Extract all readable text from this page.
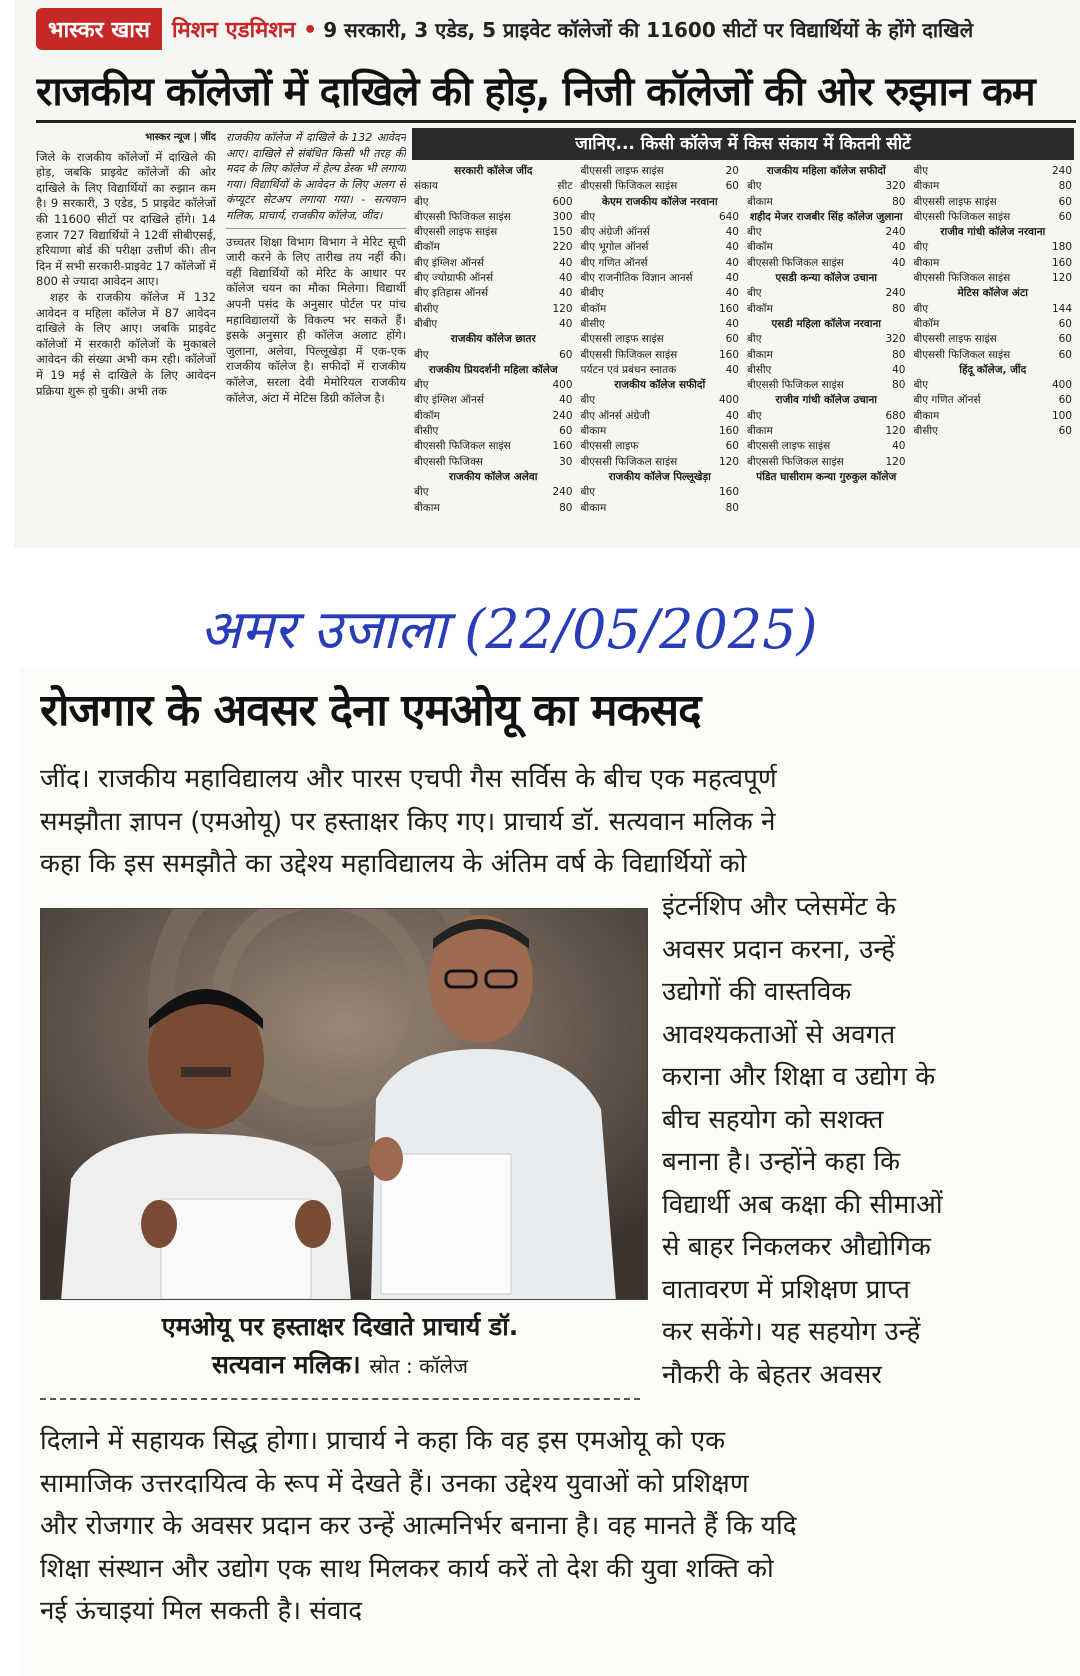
भास्कर खास	मिशन एडमिशन • 9 सरकारी, 3 एडेड, 5 प्राइवेट कॉलेजों की 11600 सीटों पर विद्यार्थियों के होंगे दाखिले
राजकीय कॉलेजों में दाखिले की होड़, निजी कॉलेजों की ओर रुझान कम
भास्कर न्यूज | जींद

जिले के राजकीय कॉलेजों में दाखिले की होड़, जबकि प्राइवेट कॉलेजों की ओर दाखिले के लिए विद्यार्थियों का रुझान कम है। 9 सरकारी, 3 एडेड, 5 प्राइवेट कॉलेजों की 11600 सीटों पर दाखिले होंगे। 14 हजार 727 विद्यार्थियों ने 12वीं सीबीएसई, हरियाणा बोर्ड की परीक्षा उत्तीर्ण की। तीन दिन में सभी सरकारी-प्राइवेट 17 कॉलेजों में 800 से ज्यादा आवेदन आए।

शहर के राजकीय कॉलेज में 132 आवेदन व महिला कॉलेज में 87 आवेदन दाखिले के लिए आए। जबकि प्राइवेट कॉलेजों में सरकारी कॉलेजों के मुकाबले आवेदन की संख्या अभी कम रही। कॉलेजों में 19 मई से दाखिले के लिए आवेदन प्रक्रिया शुरू हो चुकी। अभी तक

राजकीय कॉलेज में दाखिले के 132 आवेदन आए। दाखिले से संबंधित किसी भी तरह की मदद के लिए कॉलेज में हेल्प डेस्क भी लगाया गया। विद्यार्थियों के आवेदन के लिए अलग से कंप्यूटर सेटअप लगाया गया। - सत्यवान मलिक, प्राचार्य, राजकीय कॉलेज, जींद।

उच्चतर शिक्षा विभाग विभाग ने मेरिट सूची जारी करने के लिए तारीख तय नहीं की। वहीं विद्यार्थियों को मेरिट के आधार पर कॉलेज चयन का मौका मिलेगा। विद्यार्थी अपनी पसंद के अनुसार पोर्टल पर पांच महाविद्यालयों के विकल्प भर सकते हैं। इसके अनुसार ही कॉलेज अलाट होंगे। जुलाना, अलेवा, पिल्लूखेड़ा में एक-एक राजकीय कॉलेज है। सफीदों में राजकीय कॉलेज, सरला देवी मेमोरियल राजकीय कॉलेज, अंटा में मेटिस डिग्री कॉलेज है।

जानिए... किसी कॉलेज में किस संकाय में कितनी सीटें
सरकारी कॉलेज जींद
संकाय	सीट
बीए	600
बीएससी फिजिकल साइंस	300
बीएससी लाइफ साइंस	150
बीकॉम	220
बीए इंग्लिश ऑनर्स	40
बीए ज्योग्राफी ऑनर्स	40
बीए इतिहास ऑनर्स	40
बीसीए	120
बीबीए	40
राजकीय कॉलेज छातर
बीए	60
राजकीय प्रियदर्शनी महिला कॉलेज
बीए	400
बीए इंग्लिश ऑनर्स	40
बीकॉम	240
बीसीए	60
बीएससी फिजिकल साइंस	160
बीएससी फिजिक्स	30
राजकीय कॉलेज अलेवा
बीए	240
बीकाम	80
बीएससी लाइफ साइंस	20
बीएससी फिजिकल साइंस	60
केएम राजकीय कॉलेज नरवाना
बीए	640
बीए अंग्रेजी ऑनर्स	40
बीए भूगोल ऑनर्स	40
बीए गणित ऑनर्स	40
बीए राजनीतिक विज्ञान आनर्स	40
बीबीए	40
बीकॉम	160
बीसीए	40
बीएससी लाइफ साइंस	60
बीएससी फिजिकल साइंस	160
पर्यटन एवं प्रबंधन स्नातक	40
राजकीय कॉलेज सफीदों
बीए	400
बीए ऑनर्स अंग्रेजी	40
बीकाम	160
बीएससी लाइफ	60
बीएससी फिजिकल साइंस	120
राजकीय कॉलेज पिल्लूखेड़ा
बीए	160
बीकाम	80
राजकीय महिला कॉलेज सफीदों
बीए	320
बीकाम	80
शहीद मेजर राजबीर सिंह कॉलेज जुलाना
बीए	240
बीकॉम	40
बीएससी फिजिकल साइंस	40
एसडी कन्या कॉलेज उचाना
बीए	240
बीकॉम	80
एसडी महिला कॉलेज नरवाना
बीए	320
बीकाम	80
बीसीए	40
बीएससी फिजिकल साइंस	80
राजीव गांधी कॉलेज उचाना
बीए	680
बीकाम	120
बीएससी लाइफ साइंस	40
बीएससी फिजिकल साइंस	120
पंडित घासीराम कन्या गुरुकुल कॉलेज
बीए	240
बीकाम	80
बीएससी लाइफ साइंस	60
बीएससी फिजिकल साइंस	60
राजीव गांधी कॉलेज नरवाना
बीए	180
बीकाम	160
बीएससी फिजिकल साइंस	120
मेटिस कॉलेज अंटा
बीए	144
बीकॉम	60
बीएससी लाइफ साइंस	60
बीएससी फिजिकल साइंस	60
हिंदू कॉलेज, जींद
बीए	400
बीए गणित ऑनर्स	60
बीकाम	100
बीसीए	60
अमर उजाला (22/05/2025)
रोजगार के अवसर देना एमओयू का मकसद
जींद। राजकीय महाविद्यालय और पारस एचपी गैस सर्विस के बीच एक महत्वपूर्ण
समझौता ज्ञापन (एमओयू) पर हस्ताक्षर किए गए। प्राचार्य डॉ. सत्यवान मलिक ने
कहा कि इस समझौते का उद्देश्य महाविद्यालय के अंतिम वर्ष के विद्यार्थियों को
इंटर्नशिप और प्लेसमेंट के
अवसर प्रदान करना, उन्हें
उद्योगों की वास्तविक
आवश्यकताओं से अवगत
कराना और शिक्षा व उद्योग के
बीच सहयोग को सशक्त
बनाना है। उन्होंने कहा कि
विद्यार्थी अब कक्षा की सीमाओं
से बाहर निकलकर औद्योगिक
वातावरण में प्रशिक्षण प्राप्त
कर सकेंगे। यह सहयोग उन्हें
नौकरी के बेहतर अवसर
एमओयू पर हस्ताक्षर दिखाते प्राचार्य डॉ.
सत्यवान मलिक। स्रोत : कॉलेज
दिलाने में सहायक सिद्ध होगा। प्राचार्य ने कहा कि वह इस एमओयू को एक
सामाजिक उत्तरदायित्व के रूप में देखते हैं। उनका उद्देश्य युवाओं को प्रशिक्षण
और रोजगार के अवसर प्रदान कर उन्हें आत्मनिर्भर बनाना है। वह मानते हैं कि यदि
शिक्षा संस्थान और उद्योग एक साथ मिलकर कार्य करें तो देश की युवा शक्ति को
नई ऊंचाइयां मिल सकती है। संवाद
